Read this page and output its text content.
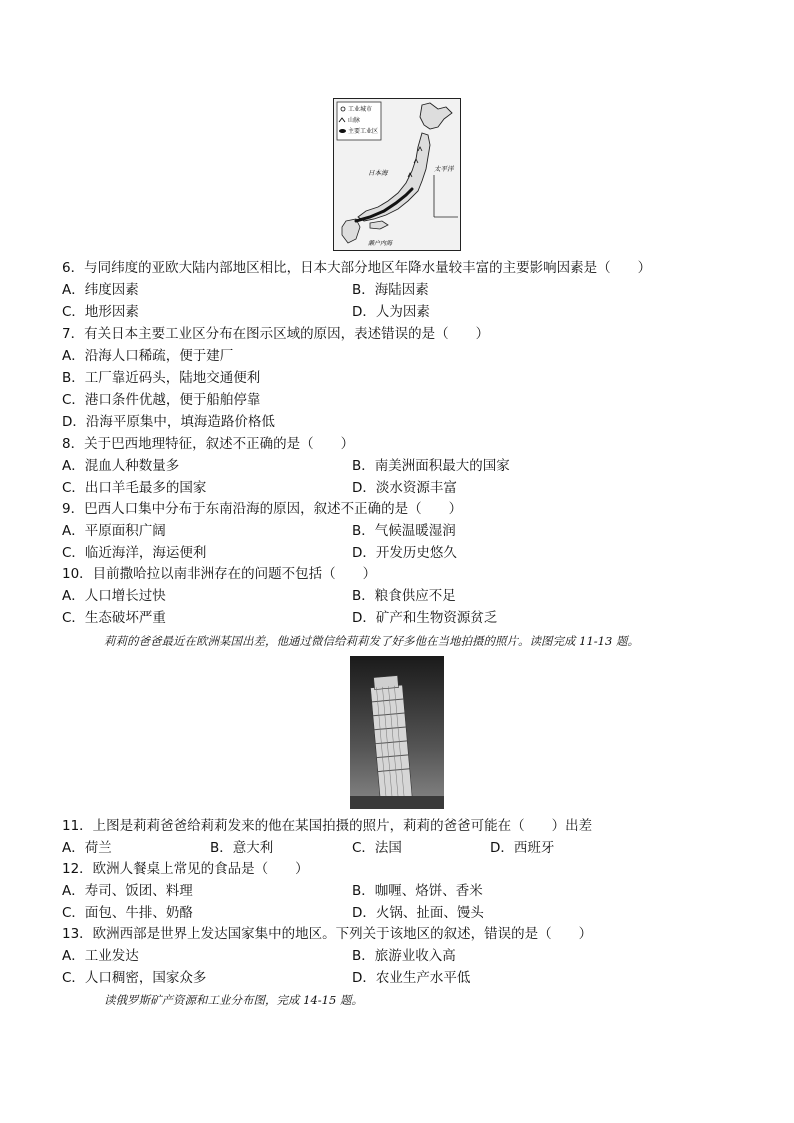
工业城市
山脉
主要工业区
日本海	太平洋
濑户内海
6．与同纬度的亚欧大陆内部地区相比，日本大部分地区年降水量较丰富的主要影响因素是（　　）
A．纬度因素	B．海陆因素
C．地形因素	D．人为因素
7．有关日本主要工业区分布在图示区域的原因，表述错误的是（　　）
A．沿海人口稀疏，便于建厂
B．工厂靠近码头，陆地交通便利
C．港口条件优越，便于船舶停靠
D．沿海平原集中，填海造路价格低
8．关于巴西地理特征，叙述不正确的是（　　）
A．混血人种数量多	B．南美洲面积最大的国家
C．出口羊毛最多的国家	D．淡水资源丰富
9．巴西人口集中分布于东南沿海的原因，叙述不正确的是（　　）
A．平原面积广阔	B．气候温暖湿润
C．临近海洋，海运便利	D．开发历史悠久
10．目前撒哈拉以南非洲存在的问题不包括（　　）
A．人口增长过快	B．粮食供应不足
C．生态破坏严重	D．矿产和生物资源贫乏
莉莉的爸爸最近在欧洲某国出差，他通过微信给莉莉发了好多他在当地拍摄的照片。读图完成 11-13 题。
11．上图是莉莉爸爸给莉莉发来的他在某国拍摄的照片，莉莉的爸爸可能在（　　）出差
A．荷兰	B．意大利	C．法国	D．西班牙
12．欧洲人餐桌上常见的食品是（　　）
A．寿司、饭团、料理	B．咖喱、烙饼、香米
C．面包、牛排、奶酪	D．火锅、扯面、馒头
13．欧洲西部是世界上发达国家集中的地区。下列关于该地区的叙述，错误的是（　　）
A．工业发达	B．旅游业收入高
C．人口稠密，国家众多	D．农业生产水平低
读俄罗斯矿产资源和工业分布图，完成 14-15 题。
